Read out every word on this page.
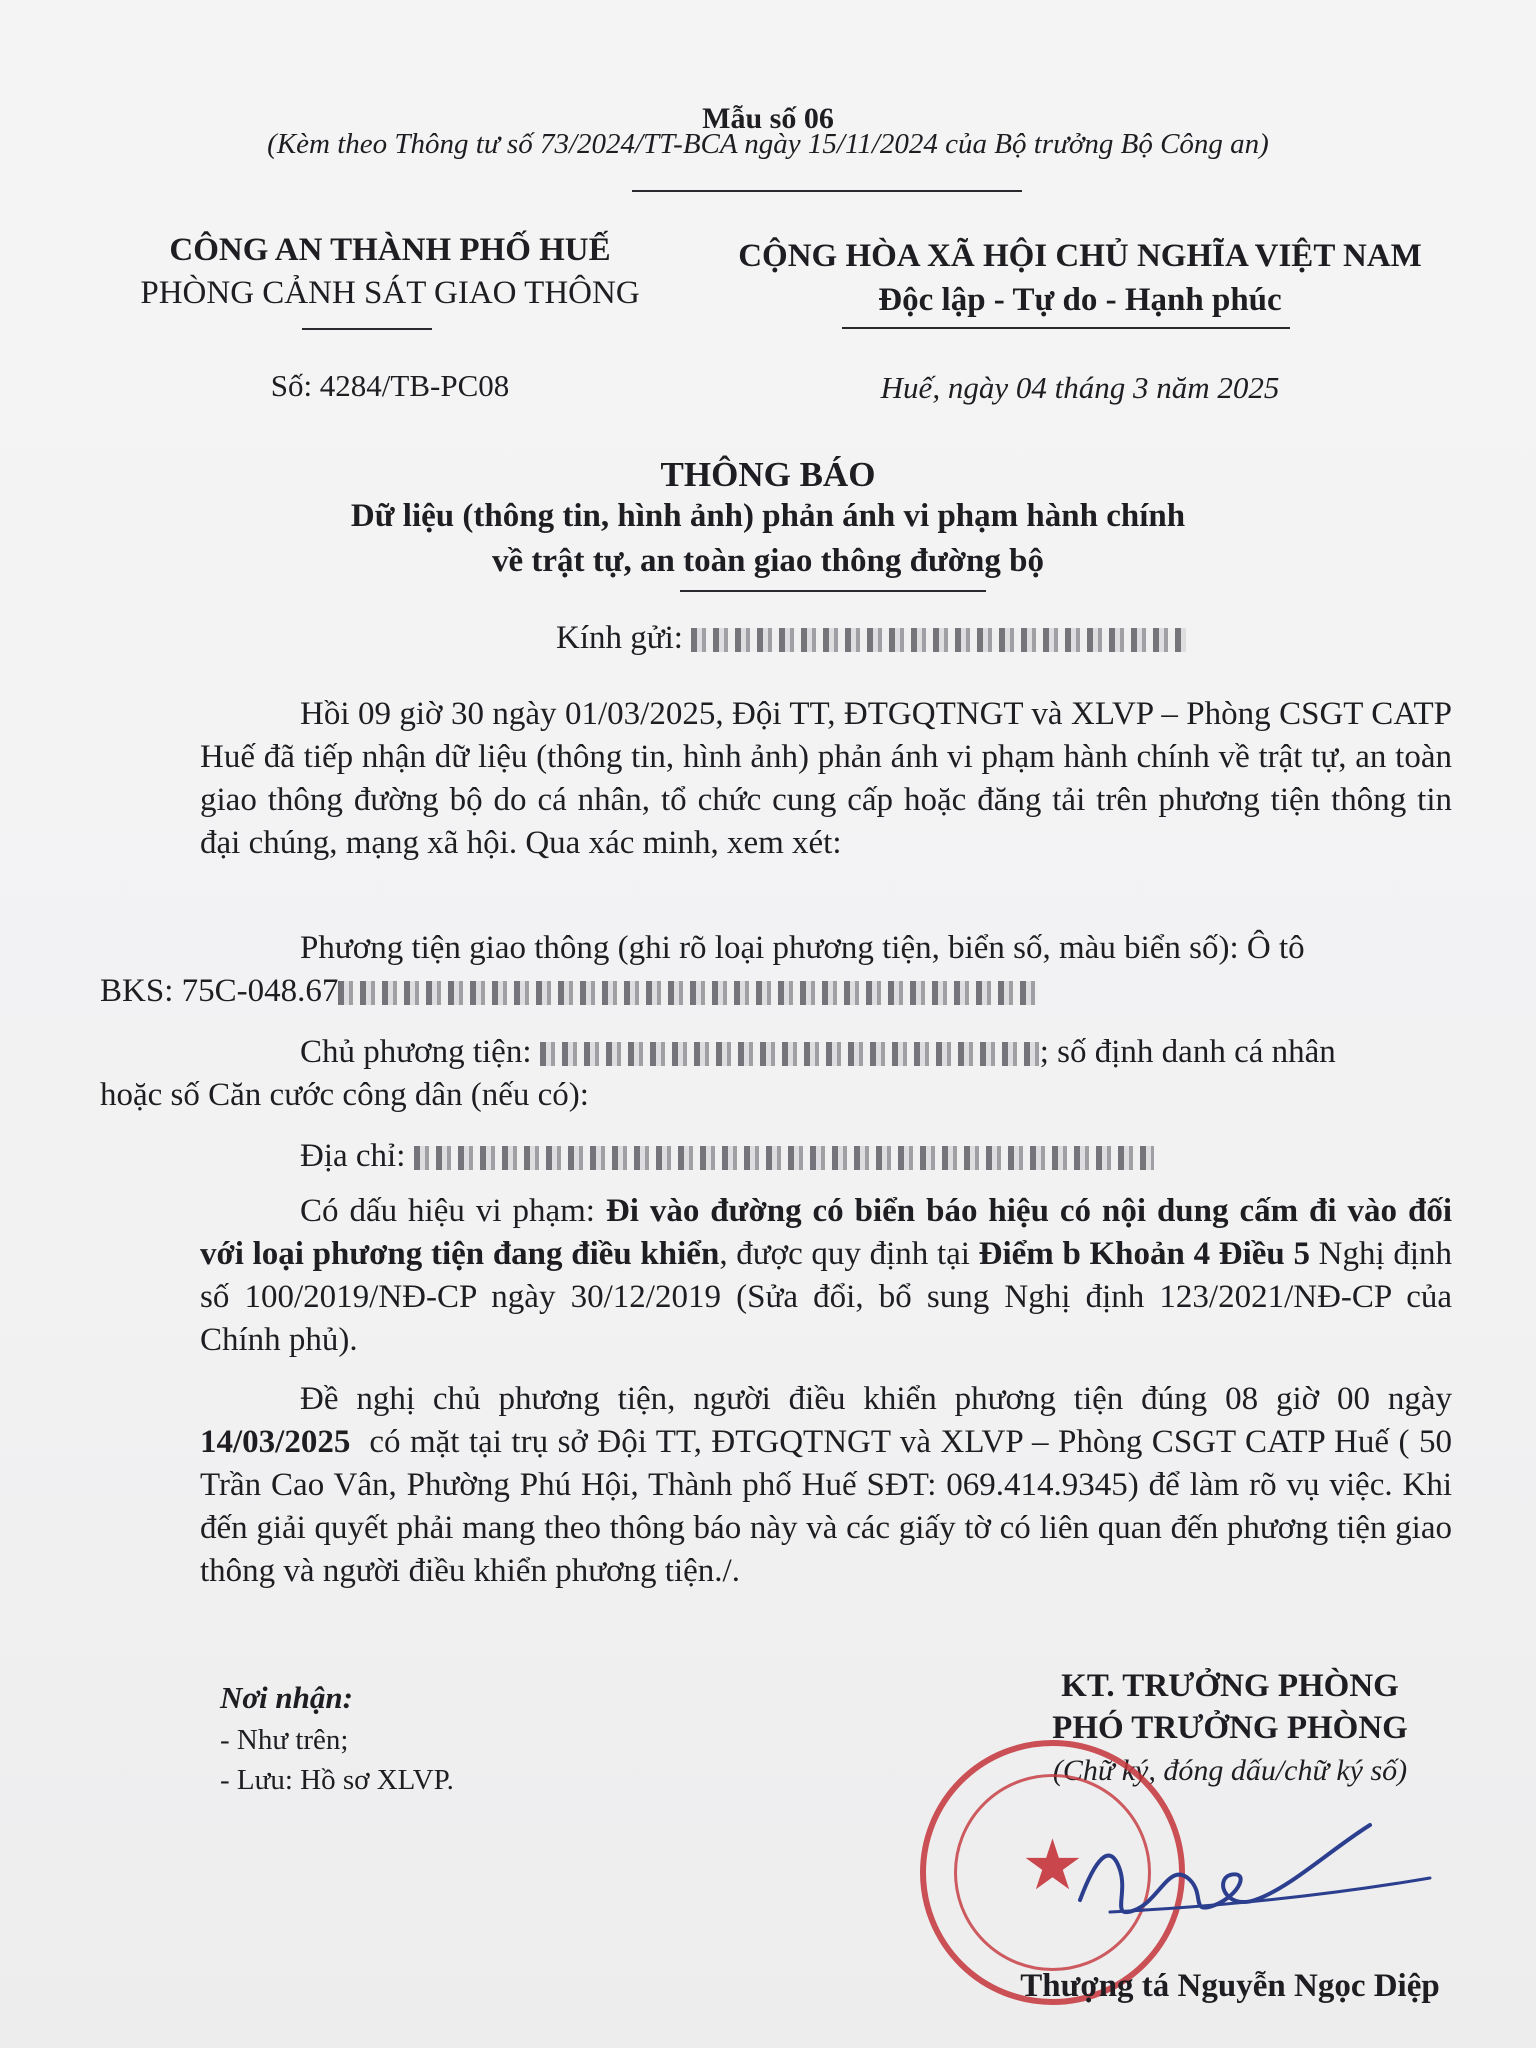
Mẫu số 06
(Kèm theo Thông tư số 73/2024/TT-BCA ngày 15/11/2024 của Bộ trưởng Bộ Công an)
CÔNG AN THÀNH PHỐ HUẾ
PHÒNG CẢNH SÁT GIAO THÔNG
Số: 4284/TB-PC08
CỘNG HÒA XÃ HỘI CHỦ NGHĨA VIỆT NAM
Độc lập - Tự do - Hạnh phúc
Huế, ngày 04 tháng 3 năm 2025
THÔNG BÁO
Dữ liệu (thông tin, hình ảnh) phản ánh vi phạm hành chính
về trật tự, an toàn giao thông đường bộ
Kính gửi:

Hồi 09 giờ 30 ngày 01/03/2025, Đội TT, ĐTGQTNGT và XLVP – Phòng CSGT CATP Huế đã tiếp nhận dữ liệu (thông tin, hình ảnh) phản ánh vi phạm hành chính về trật tự, an toàn giao thông đường bộ do cá nhân, tổ chức cung cấp hoặc đăng tải trên phương tiện thông tin đại chúng, mạng xã hội. Qua xác minh, xem xét:

Phương tiện giao thông (ghi rõ loại phương tiện, biển số, màu biển số): Ô tô
BKS: 75C-048.67

Chủ phương tiện:	; số định danh cá nhân
hoặc số Căn cước công dân (nếu có):

Địa chỉ:

Có dấu hiệu vi phạm: Đi vào đường có biển báo hiệu có nội dung cấm đi vào đối với loại phương tiện đang điều khiển, được quy định tại Điểm b Khoản 4 Điều 5 Nghị định số 100/2019/NĐ-CP ngày 30/12/2019 (Sửa đổi, bổ sung Nghị định 123/2021/NĐ-CP của Chính phủ).

Đề nghị chủ phương tiện, người điều khiển phương tiện đúng 08 giờ 00 ngày 14/03/2025  có mặt tại trụ sở Đội TT, ĐTGQTNGT và XLVP – Phòng CSGT CATP Huế ( 50 Trần Cao Vân, Phường Phú Hội, Thành phố Huế SĐT: 069.414.9345) để làm rõ vụ việc. Khi đến giải quyết phải mang theo thông báo này và các giấy tờ có liên quan đến phương tiện giao thông và người điều khiển phương tiện./.

Nơi nhận:
- Như trên;
- Lưu: Hồ sơ XLVP.
KT. TRƯỞNG PHÒNG
PHÓ TRƯỞNG PHÒNG
(Chữ ký, đóng dấu/chữ ký số)
★
Thượng tá Nguyễn Ngọc Diệp
